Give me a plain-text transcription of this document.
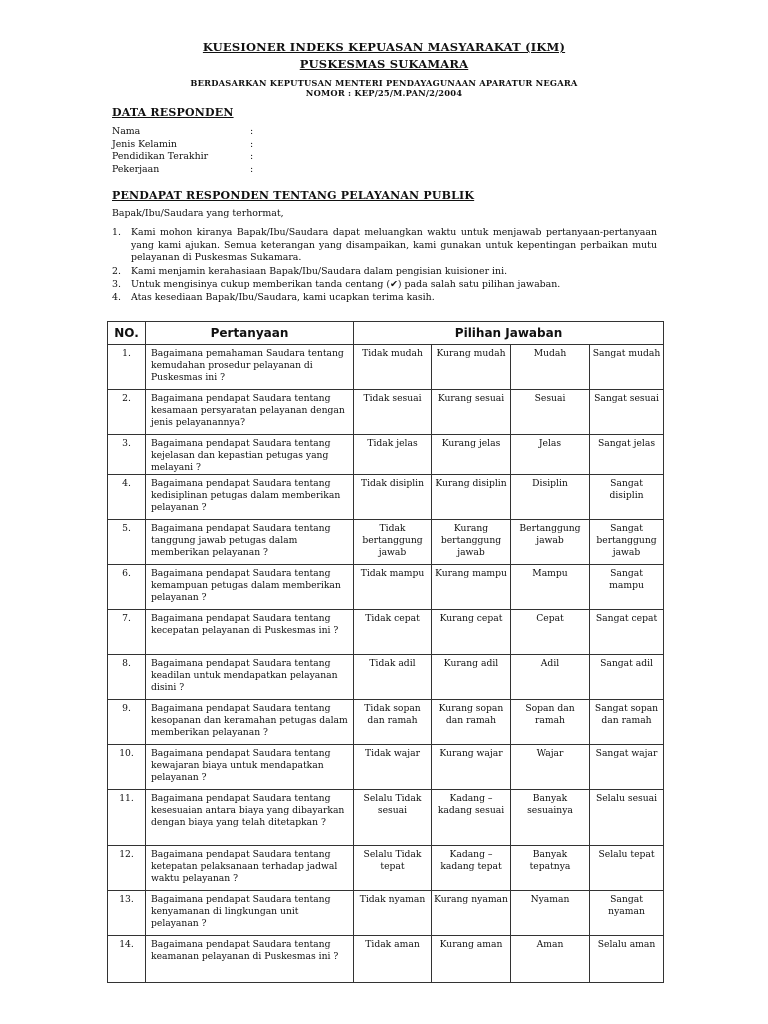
KUESIONER INDEKS KEPUASAN MASYARAKAT (IKM)
PUSKESMAS SUKAMARA
BERDASARKAN KEPUTUSAN MENTERI PENDAYAGUNAAN APARATUR NEGARA
NOMOR : KEP/25/M.PAN/2/2004
DATA RESPONDEN
Nama	:
Jenis Kelamin	:
Pendidikan Terakhir	:
Pekerjaan	:
PENDAPAT RESPONDEN TENTANG PELAYANAN PUBLIK
Bapak/Ibu/Saudara yang terhormat,
1. Kami mohon kiranya Bapak/Ibu/Saudara dapat meluangkan waktu untuk menjawab pertanyaan-pertanyaan yang kami ajukan. Semua keterangan yang disampaikan, kami gunakan untuk kepentingan perbaikan mutu pelayanan di Puskesmas Sukamara.
2. Kami menjamin kerahasiaan Bapak/Ibu/Saudara dalam pengisian kuisioner ini.
3. Untuk mengisinya cukup memberikan tanda centang (✔) pada salah satu pilihan jawaban.
4. Atas kesediaan Bapak/Ibu/Saudara, kami ucapkan terima kasih.
NO.	Pertanyaan	Pilihan Jawaban			
1.	Bagaimana pemahaman Saudara tentang kemudahan prosedur pelayanan di Puskesmas ini ?	Tidak mudah	Kurang mudah	Mudah	Sangat mudah
2.	Bagaimana pendapat Saudara tentang kesamaan persyaratan pelayanan dengan jenis pelayanannya?	Tidak sesuai	Kurang sesuai	Sesuai	Sangat sesuai
3.	Bagaimana pendapat Saudara tentang kejelasan dan kepastian petugas yang melayani ?	Tidak jelas	Kurang jelas	Jelas	Sangat jelas
4.	Bagaimana pendapat Saudara tentang kedisiplinan petugas dalam memberikan pelayanan ?	Tidak disiplin	Kurang disiplin	Disiplin	Sangat disiplin
5.	Bagaimana pendapat Saudara tentang tanggung jawab petugas dalam memberikan pelayanan ?	Tidak bertanggung jawab	Kurang bertanggung jawab	Bertanggung jawab	Sangat bertanggung jawab
6.	Bagaimana pendapat Saudara tentang kemampuan petugas dalam memberikan pelayanan ?	Tidak mampu	Kurang mampu	Mampu	Sangat mampu
7.	Bagaimana pendapat Saudara tentang kecepatan pelayanan di Puskesmas ini ?	Tidak cepat	Kurang cepat	Cepat	Sangat cepat
8.	Bagaimana pendapat Saudara tentang keadilan untuk mendapatkan pelayanan disini ?	Tidak adil	Kurang adil	Adil	Sangat adil
9.	Bagaimana pendapat Saudara tentang kesopanan dan keramahan petugas dalam memberikan pelayanan ?	Tidak sopan dan ramah	Kurang sopan dan ramah	Sopan dan ramah	Sangat sopan dan ramah
10.	Bagaimana pendapat Saudara tentang kewajaran biaya untuk mendapatkan pelayanan ?	Tidak wajar	Kurang wajar	Wajar	Sangat wajar
11.	Bagaimana pendapat Saudara tentang kesesuaian antara biaya yang dibayarkan dengan biaya yang telah ditetapkan ?	Selalu Tidak sesuai	Kadang – kadang sesuai	Banyak sesuainya	Selalu sesuai
12.	Bagaimana pendapat Saudara tentang ketepatan pelaksanaan terhadap jadwal waktu pelayanan ?	Selalu Tidak tepat	Kadang – kadang tepat	Banyak tepatnya	Selalu tepat
13.	Bagaimana pendapat Saudara tentang kenyamanan di lingkungan unit pelayanan ?	Tidak nyaman	Kurang nyaman	Nyaman	Sangat nyaman
14.	Bagaimana pendapat Saudara tentang keamanan pelayanan di Puskesmas ini ?	Tidak aman	Kurang aman	Aman	Selalu aman
